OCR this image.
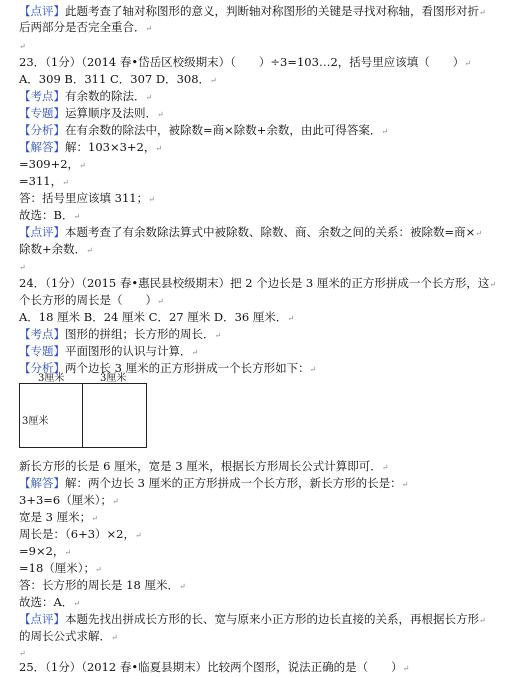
【点评】此题考查了轴对称图形的意义，判断轴对称图形的关键是寻找对称轴，看图形对折↵
后两部分是否完全重合．↵
↵
23．（1分）（2014 春•岱岳区校级期末）（　　）÷3=103…2，括号里应该填（　　）↵
A．309 B．311 C．307 D．308．↵
【考点】有余数的除法．↵
【专题】运算顺序及法则．↵
【分析】在有余数的除法中，被除数=商×除数+余数，由此可得答案．↵
【解答】解：103×3+2，↵
=309+2，↵
=311，↵
答：括号里应该填 311；↵
故选：B．↵
【点评】本题考查了有余数除法算式中被除数、除数、商、余数之间的关系：被除数=商×↵
除数+余数．↵
↵
24．（1分）（2015 春•惠民县校级期末）把 2 个边长是 3 厘米的正方形拼成一个长方形，这↵
个长方形的周长是（　　）↵
A．18 厘米 B．24 厘米 C．27 厘米 D．36 厘米．↵
【考点】图形的拼组；长方形的周长．↵
【专题】平面图形的认识与计算．↵
【分析】两个边长 3 厘米的正方形拼成一个长方形如下：↵
新长方形的长是 6 厘米，宽是 3 厘米，根据长方形周长公式计算即可．↵
【解答】解：两个边长 3 厘米的正方形拼成一个长方形，新长方形的长是：↵
3+3=6（厘米）；↵
宽是 3 厘米；↵
周长是：（6+3）×2，↵
=9×2，↵
=18（厘米）；↵
答：长方形的周长是 18 厘米．↵
故选：A．↵
【点评】本题先找出拼成长方形的长、宽与原来小正方形的边长直接的关系，再根据长方形↵
的周长公式求解．↵
↵
25．（1分）（2012 春•临夏县期末）比较两个图形，说法正确的是（　　）↵
3厘米	3厘米
3厘米
